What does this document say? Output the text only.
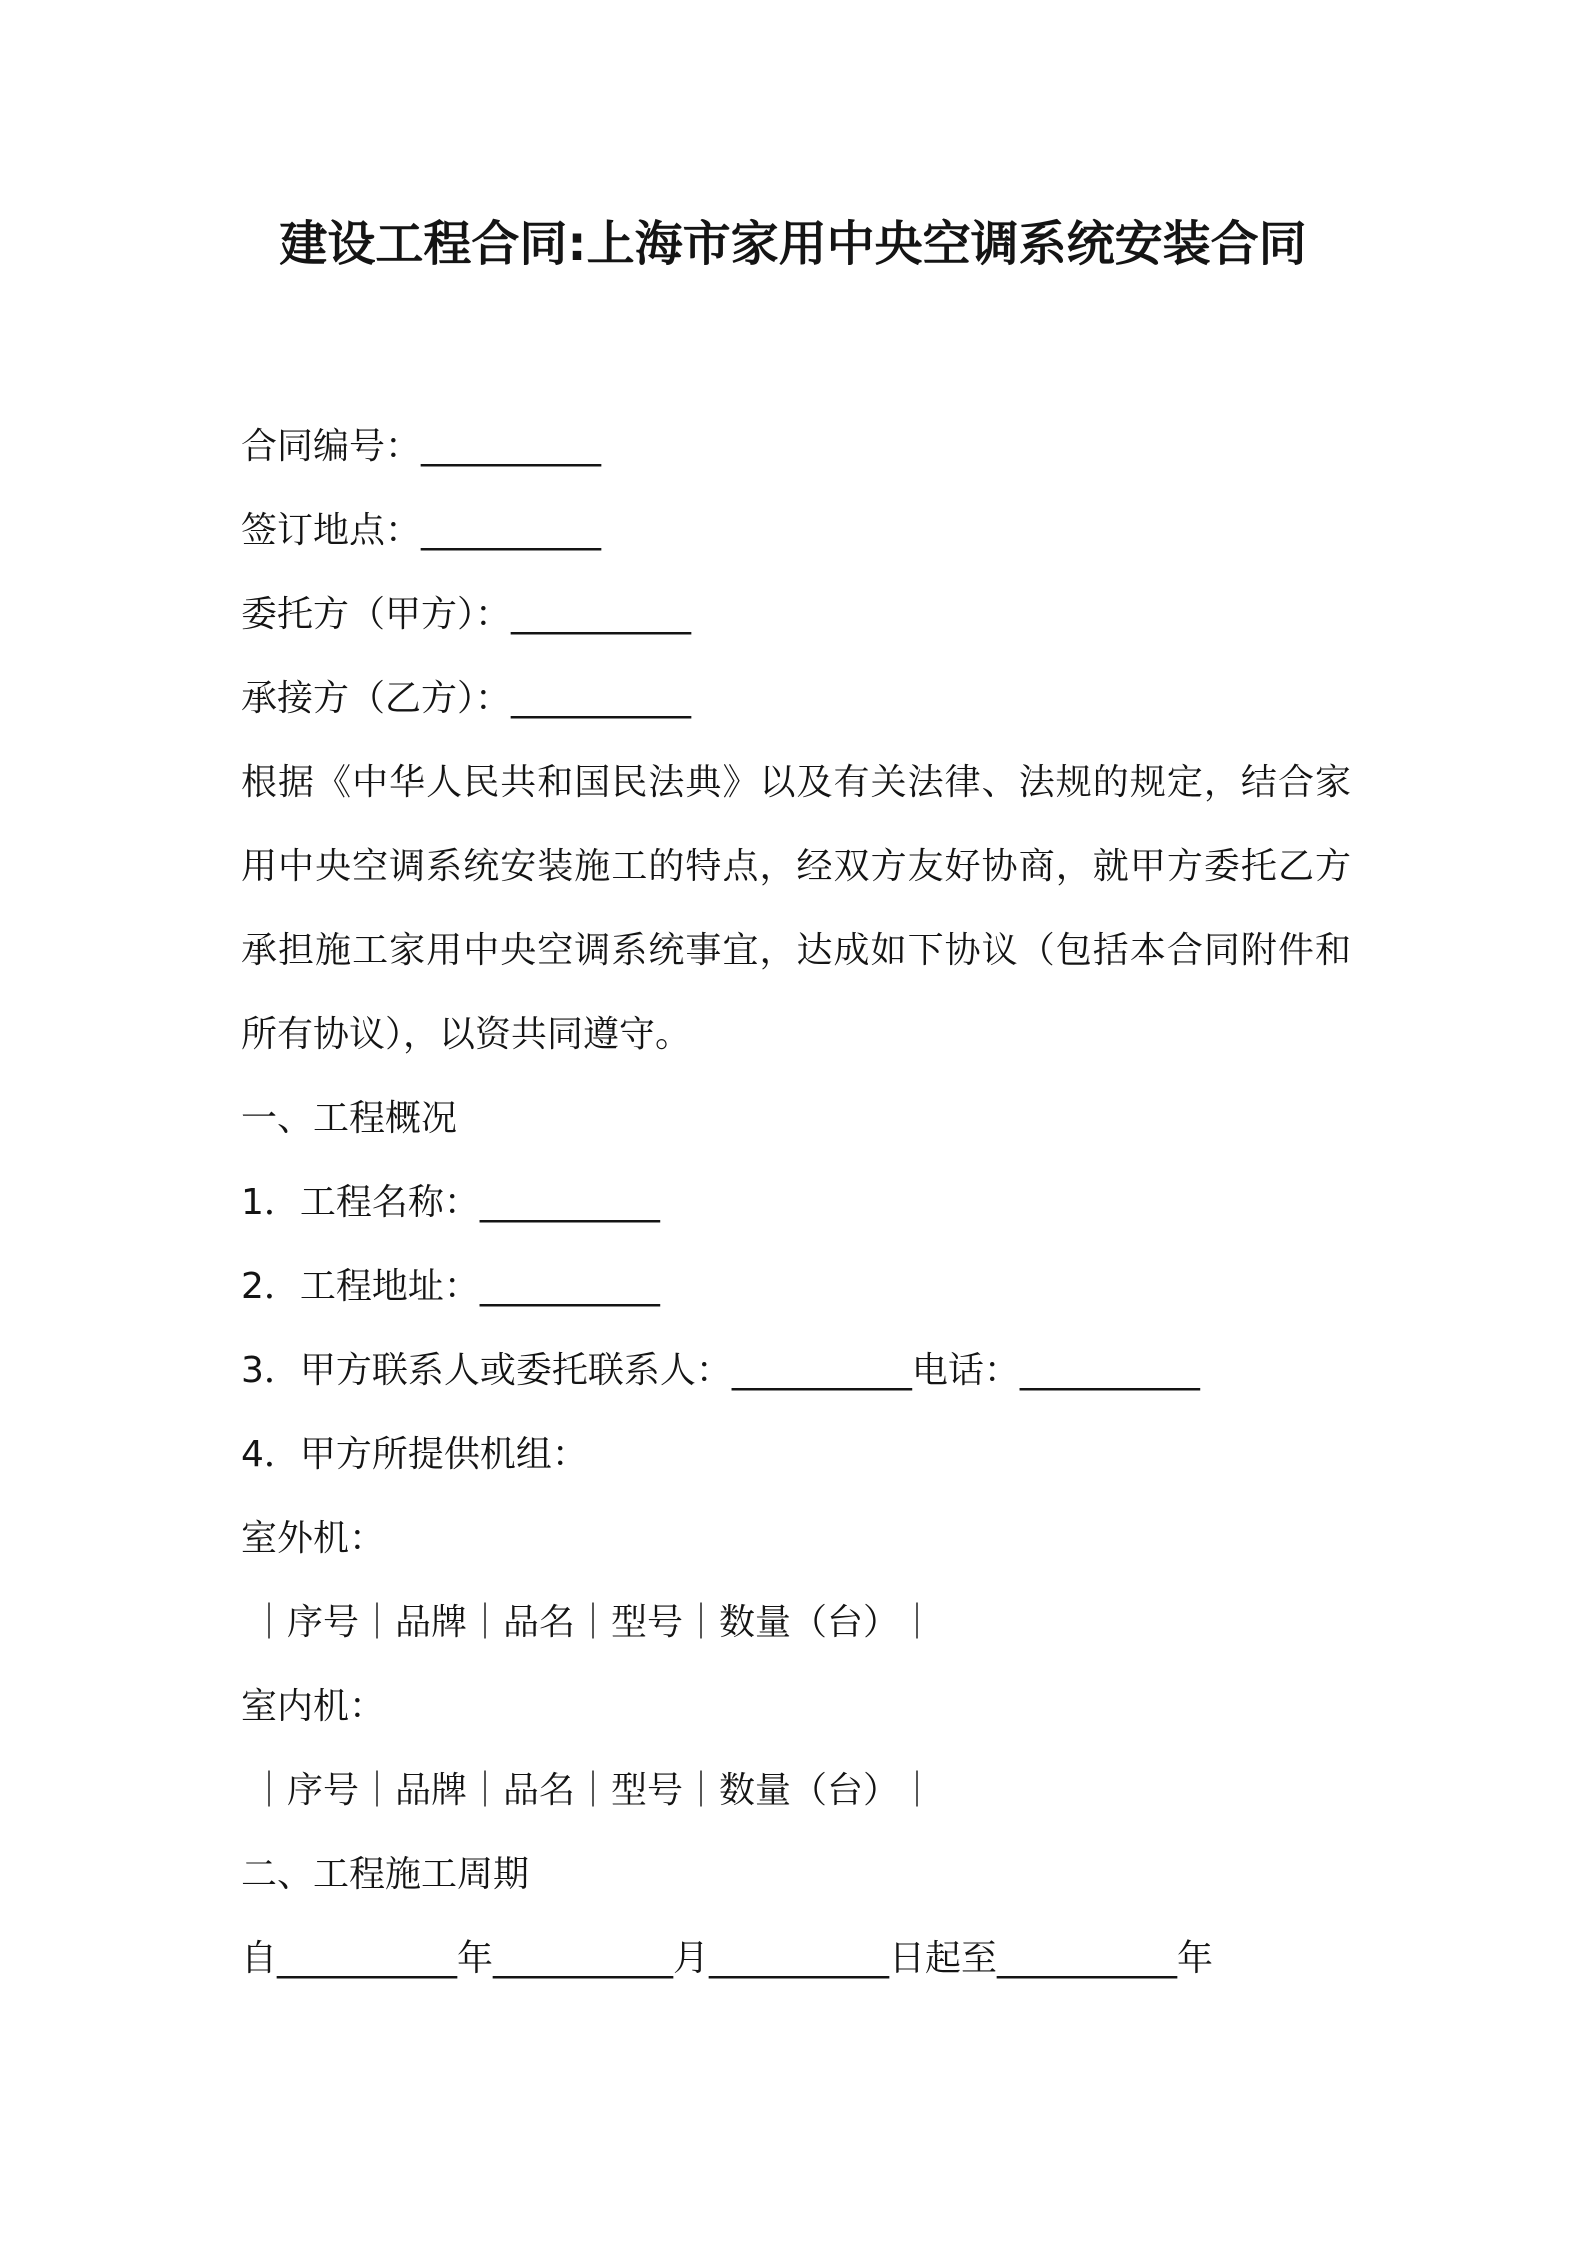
建设工程合同:上海市家用中央空调系统安装合同
合同编号：__________
签订地点：__________
委托方（甲方）：__________
承接方（乙方）：__________
根据《中华人民共和国民法典》以及有关法律、法规的规定，结合家用中央空调系统安装施工的特点，经双方友好协商，就甲方委托乙方承担施工家用中央空调系统事宜，达成如下协议（包括本合同附件和所有协议），以资共同遵守。
一、工程概况
1．工程名称：__________
2．工程地址：__________
3．甲方联系人或委托联系人：__________电话：__________
4．甲方所提供机组：
室外机：
｜序号｜品牌｜品名｜型号｜数量（台）｜
室内机：
｜序号｜品牌｜品名｜型号｜数量（台）｜
二、工程施工周期
自__________年__________月__________日起至__________年
